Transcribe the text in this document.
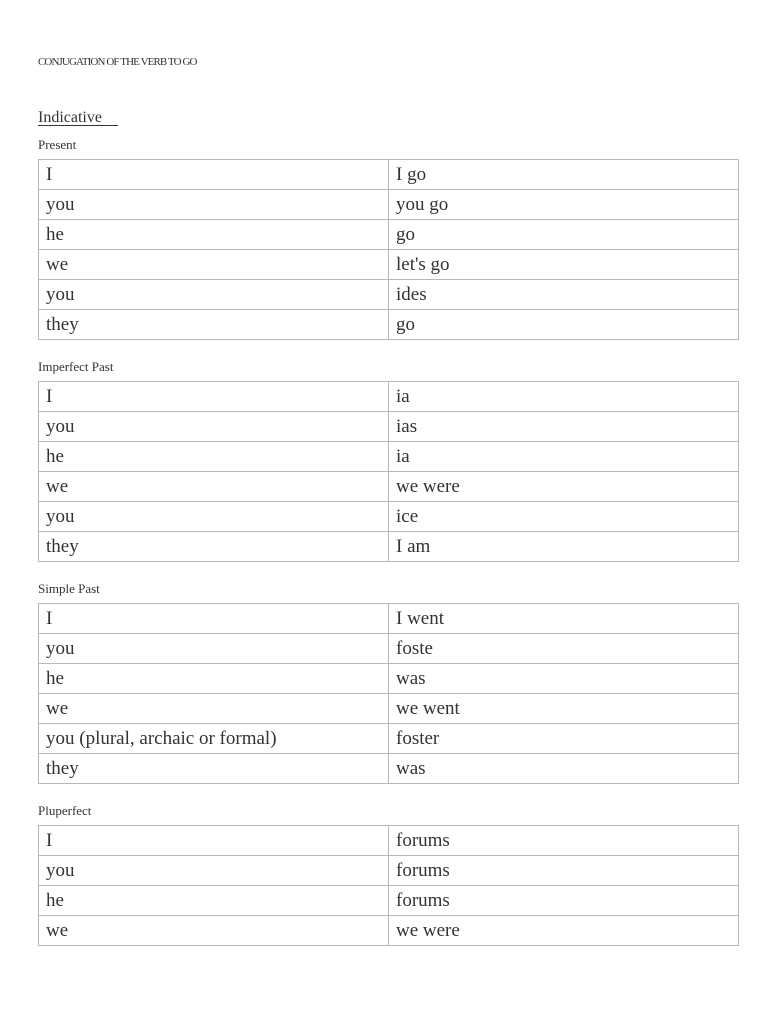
CONJUGATION OF THE VERB TO GO
Indicative
Present
I	I go
you	you go
he	go
we	let's go
you	ides
they	go
Imperfect Past
I	ia
you	ias
he	ia
we	we were
you	ice
they	I am
Simple Past
I	I went
you	foste
he	was
we	we went
you (plural, archaic or formal)	foster
they	was
Pluperfect
I	forums
you	forums
he	forums
we	we were
